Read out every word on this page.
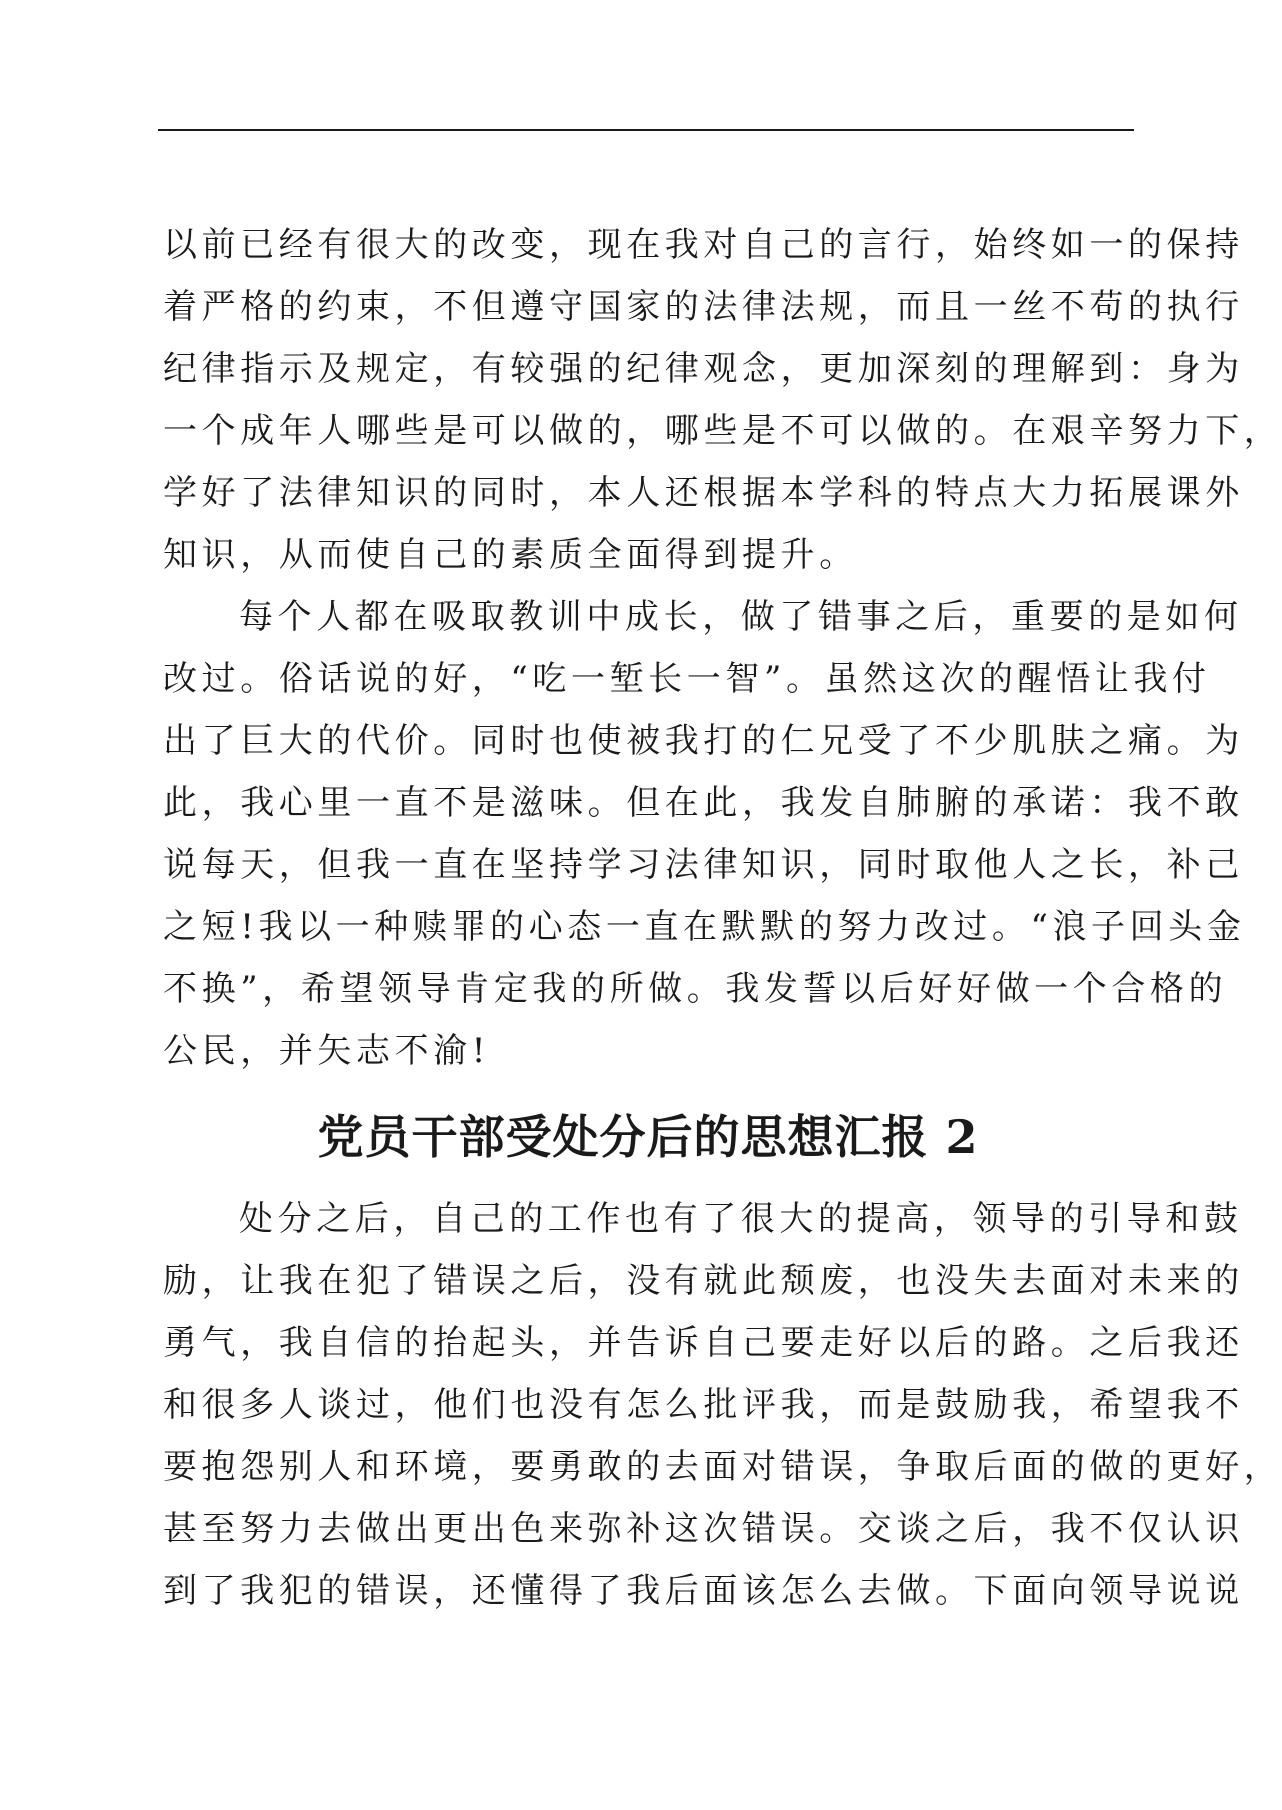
以前已经有很大的改变，现在我对自己的言行，始终如一的保持
着严格的约束，不但遵守国家的法律法规，而且一丝不苟的执行
纪律指示及规定，有较强的纪律观念，更加深刻的理解到：身为
一个成年人哪些是可以做的，哪些是不可以做的。在艰辛努力下，
学好了法律知识的同时，本人还根据本学科的特点大力拓展课外
知识，从而使自己的素质全面得到提升。
每个人都在吸取教训中成长，做了错事之后，重要的是如何
改过。俗话说的好，“吃一堑长一智”。虽然这次的醒悟让我付
出了巨大的代价。同时也使被我打的仁兄受了不少肌肤之痛。为
此，我心里一直不是滋味。但在此，我发自肺腑的承诺：我不敢
说每天，但我一直在坚持学习法律知识，同时取他人之长，补己
之短!我以一种赎罪的心态一直在默默的努力改过。“浪子回头金
不换”，希望领导肯定我的所做。我发誓以后好好做一个合格的
公民，并矢志不渝!
党员干部受处分后的思想汇报 2
处分之后，自己的工作也有了很大的提高，领导的引导和鼓
励，让我在犯了错误之后，没有就此颓废，也没失去面对未来的
勇气，我自信的抬起头，并告诉自己要走好以后的路。之后我还
和很多人谈过，他们也没有怎么批评我，而是鼓励我，希望我不
要抱怨别人和环境，要勇敢的去面对错误，争取后面的做的更好，
甚至努力去做出更出色来弥补这次错误。交谈之后，我不仅认识
到了我犯的错误，还懂得了我后面该怎么去做。下面向领导说说
